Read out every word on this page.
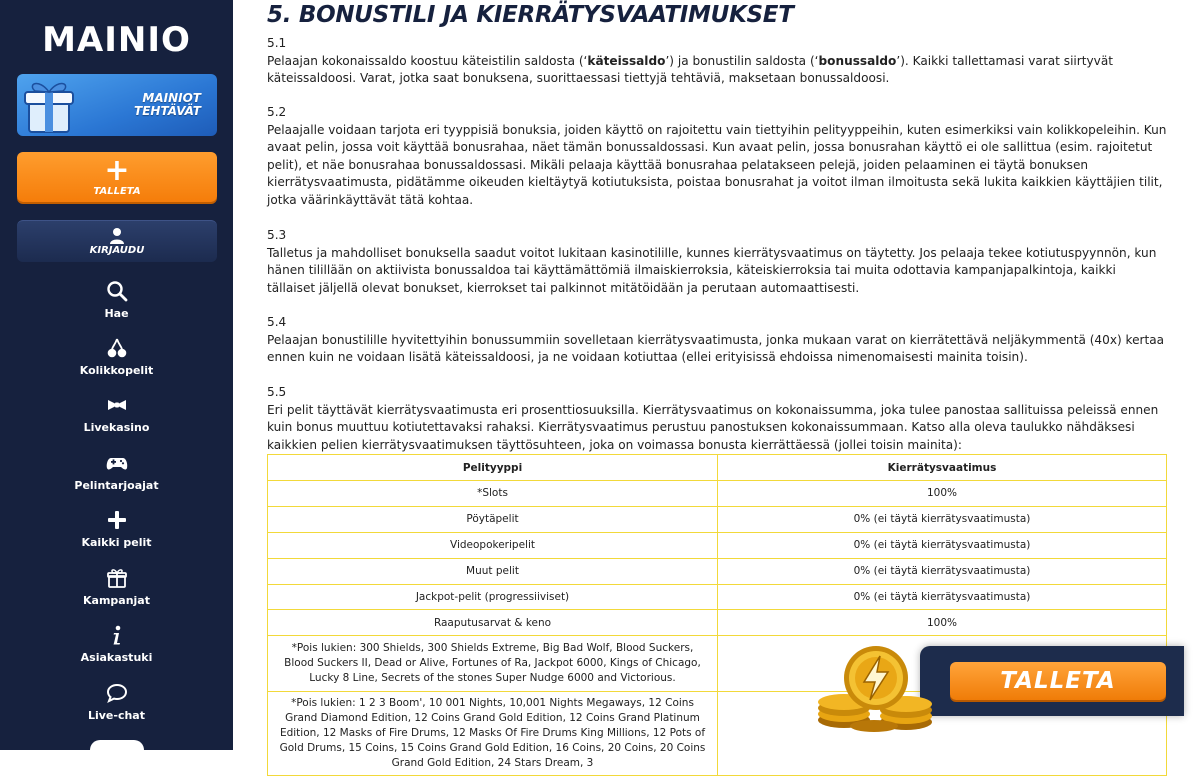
MAINIO
MAINIOT
TEHTÄVÄT
+
TALLETA
KIRJAUDU
Hae
Kolikkopelit
Livekasino
Pelintarjoajat
Kaikki pelit
Kampanjat
Asiakastuki
Live-chat
5. BONUSTILI JA KIERRÄTYSVAATIMUKSET
5.1
Pelaajan kokonaissaldo koostuu käteistilin saldosta (‘käteissaldo’) ja bonustilin saldosta (‘bonussaldo’). Kaikki tallettamasi varat siirtyvät käteissaldoosi. Varat, jotka saat bonuksena, suorittaessasi tiettyjä tehtäviä, maksetaan bonussaldoosi.
5.2
Pelaajalle voidaan tarjota eri tyyppisiä bonuksia, joiden käyttö on rajoitettu vain tiettyihin pelityyppeihin, kuten esimerkiksi vain kolikkopeleihin. Kun avaat pelin, jossa voit käyttää bonusrahaa, näet tämän bonussaldossasi. Kun avaat pelin, jossa bonusrahan käyttö ei ole sallittua (esim. rajoitetut pelit), et näe bonusrahaa bonussaldossasi. Mikäli pelaaja käyttää bonusrahaa pelatakseen pelejä, joiden pelaaminen ei täytä bonuksen kierrätysvaatimusta, pidätämme oikeuden kieltäytyä kotiutuksista, poistaa bonusrahat ja voitot ilman ilmoitusta sekä lukita kaikkien käyttäjien tilit, jotka väärinkäyttävät tätä kohtaa.
5.3
Talletus ja mahdolliset bonuksella saadut voitot lukitaan kasinotilille, kunnes kierrätysvaatimus on täytetty. Jos pelaaja tekee kotiutuspyynnön, kun hänen tilillään on aktiivista bonussaldoa tai käyttämättömiä ilmaiskierroksia, käteiskierroksia tai muita odottavia kampanjapalkintoja, kaikki tällaiset jäljellä olevat bonukset, kierrokset tai palkinnot mitätöidään ja perutaan automaattisesti.
5.4
Pelaajan bonustilille hyvitettyihin bonussummiin sovelletaan kierrätysvaatimusta, jonka mukaan varat on kierrätettävä neljäkymmentä (40x) kertaa ennen kuin ne voidaan lisätä käteissaldoosi, ja ne voidaan kotiuttaa (ellei erityisissä ehdoissa nimenomaisesti mainita toisin).
5.5
Eri pelit täyttävät kierrätysvaatimusta eri prosenttiosuuksilla. Kierrätysvaatimus on kokonaissumma, joka tulee panostaa sallituissa peleissä ennen kuin bonus muuttuu kotiutettavaksi rahaksi. Kierrätysvaatimus perustuu panostuksen kokonaissummaan. Katso alla oleva taulukko nähdäksesi kaikkien pelien kierrätysvaatimuksen täyttösuhteen, joka on voimassa bonusta kierrättäessä (jollei toisin mainita):
Pelityyppi	Kierrätysvaatimus
*Slots	100%
Pöytäpelit	0% (ei täytä kierrätysvaatimusta)
Videopokeripelit	0% (ei täytä kierrätysvaatimusta)
Muut pelit	0% (ei täytä kierrätysvaatimusta)
Jackpot-pelit (progressiiviset)	0% (ei täytä kierrätysvaatimusta)
Raaputusarvat & keno	100%
*Pois lukien: 300 Shields, 300 Shields Extreme, Big Bad Wolf, Blood Suckers, Blood Suckers II, Dead or Alive, Fortunes of Ra, Jackpot 6000, Kings of Chicago, Lucky 8 Line, Secrets of the stones Super Nudge 6000 and Victorious.	
*Pois lukien: 1 2 3 Boom', 10 001 Nights, 10,001 Nights Megaways, 12 Coins Grand Diamond Edition, 12 Coins Grand Gold Edition, 12 Coins Grand Platinum Edition, 12 Masks of Fire Drums, 12 Masks Of Fire Drums King Millions, 12 Pots of Gold Drums, 15 Coins, 15 Coins Grand Gold Edition, 16 Coins, 20 Coins, 20 Coins Grand Gold Edition, 24 Stars Dream, 3	
TALLETA
